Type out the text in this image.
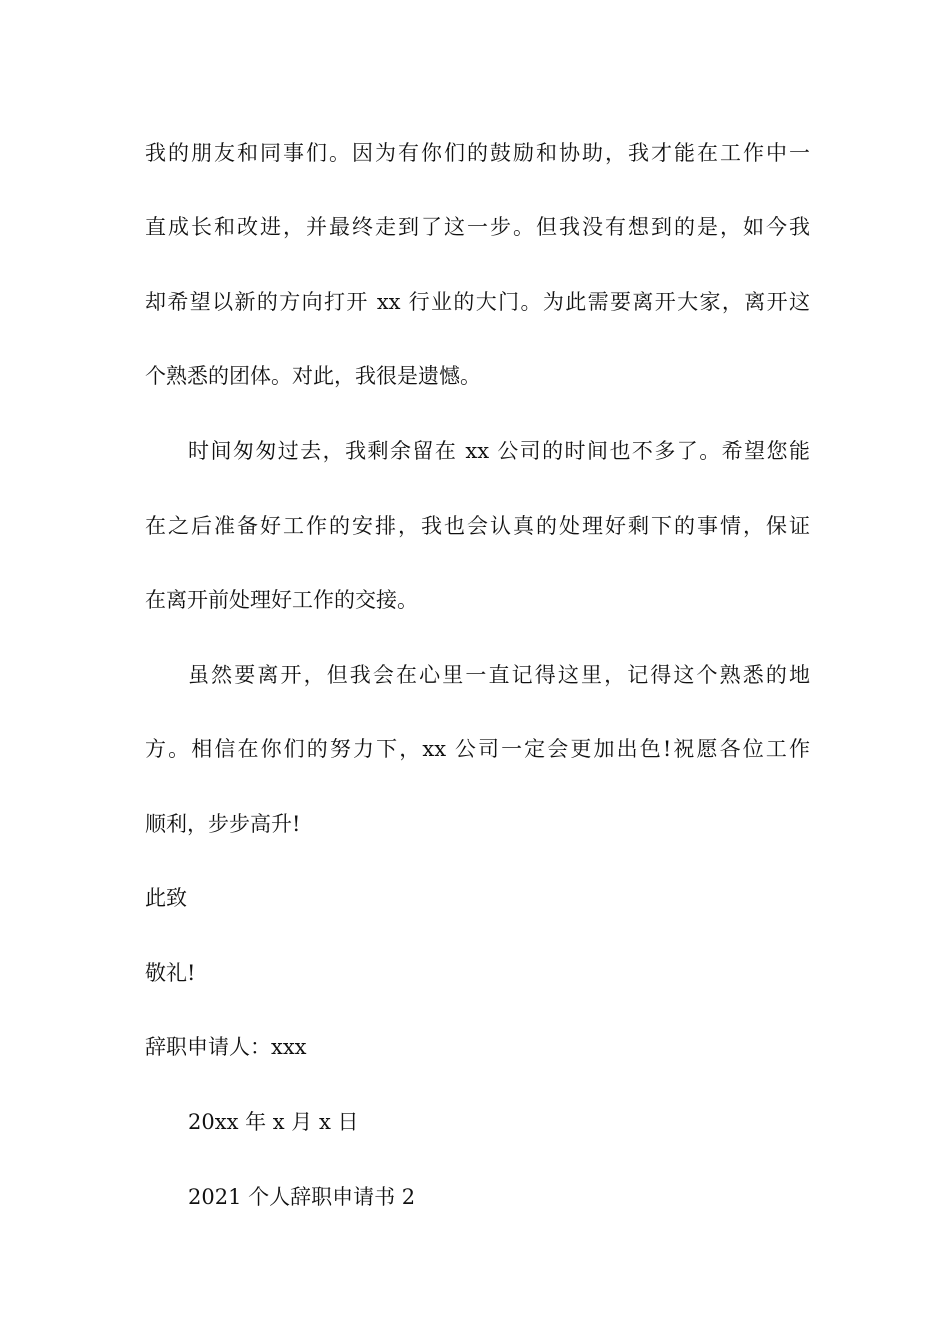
我的朋友和同事们。因为有你们的鼓励和协助，我才能在工作中一
直成长和改进，并最终走到了这一步。但我没有想到的是，如今我
却希望以新的方向打开 xx 行业的大门。为此需要离开大家，离开这
个熟悉的团体。对此，我很是遗憾。
时间匆匆过去，我剩余留在 xx 公司的时间也不多了。希望您能
在之后准备好工作的安排，我也会认真的处理好剩下的事情，保证
在离开前处理好工作的交接。
虽然要离开，但我会在心里一直记得这里，记得这个熟悉的地
方。相信在你们的努力下，xx 公司一定会更加出色!祝愿各位工作
顺利，步步高升!
此致
敬礼!
辞职申请人：xxx
20xx 年 x 月 x 日
2021 个人辞职申请书 2
